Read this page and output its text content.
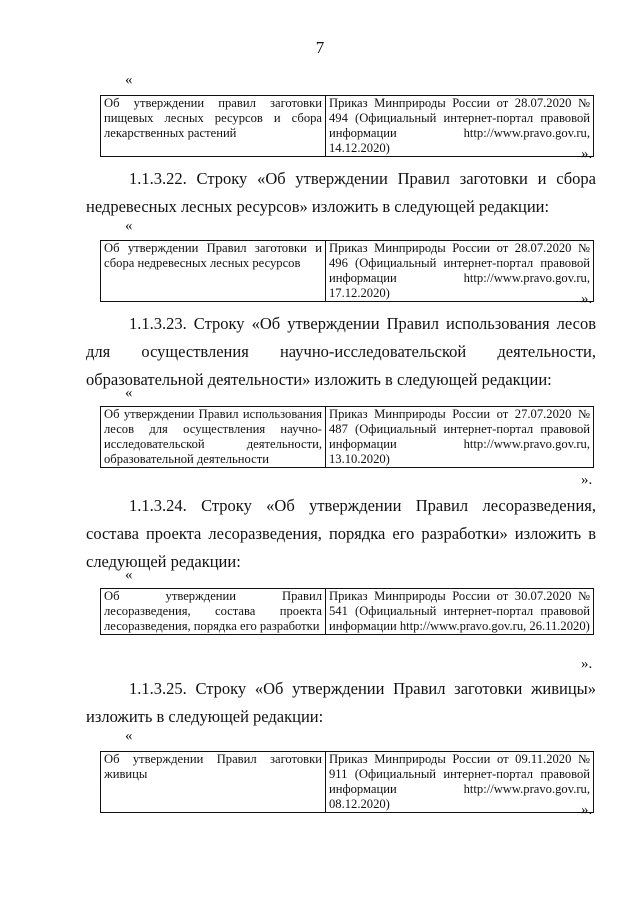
7
«
Об утверждении правил заготовки пищевых лесных ресурсов и сбора лекарственных растений	Приказ Минприроды России от 28.07.2020 № 494 (Официальный интернет-портал правовой информации http://www.pravo.gov.ru, 14.12.2020)	».
1.1.3.22. Строку «Об утверждении Правил заготовки и сбора недревесных лесных ресурсов» изложить в следующей редакции:
«
Об утверждении Правил заготовки и сбора недревесных лесных ресурсов	Приказ Минприроды России от 28.07.2020 № 496 (Официальный интернет-портал правовой информации http://www.pravo.gov.ru, 17.12.2020)	».
1.1.3.23. Строку «Об утверждении Правил использования лесов для осуществления научно-исследовательской деятельности, образовательной деятельности» изложить в следующей редакции:
«
Об утверждении Правил использования лесов для осуществления научно-исследовательской деятельности, образовательной деятельности	Приказ Минприроды России от 27.07.2020 № 487 (Официальный интернет-портал правовой информации http://www.pravo.gov.ru, 13.10.2020)
».
1.1.3.24. Строку «Об утверждении Правил лесоразведения, состава проекта лесоразведения, порядка его разработки» изложить в следующей редакции:
«
Об утверждении Правил лесоразведения, состава проекта лесоразведения, порядка его разработки	Приказ Минприроды России от 30.07.2020 № 541 (Официальный интернет-портал правовой информации http://www.pravo.gov.ru, 26.11.2020)
».
1.1.3.25. Строку «Об утверждении Правил заготовки живицы» изложить в следующей редакции:
«
Об утверждении Правил заготовки живицы	Приказ Минприроды России от 09.11.2020 № 911 (Официальный интернет-портал правовой информации http://www.pravo.gov.ru, 08.12.2020)	».
